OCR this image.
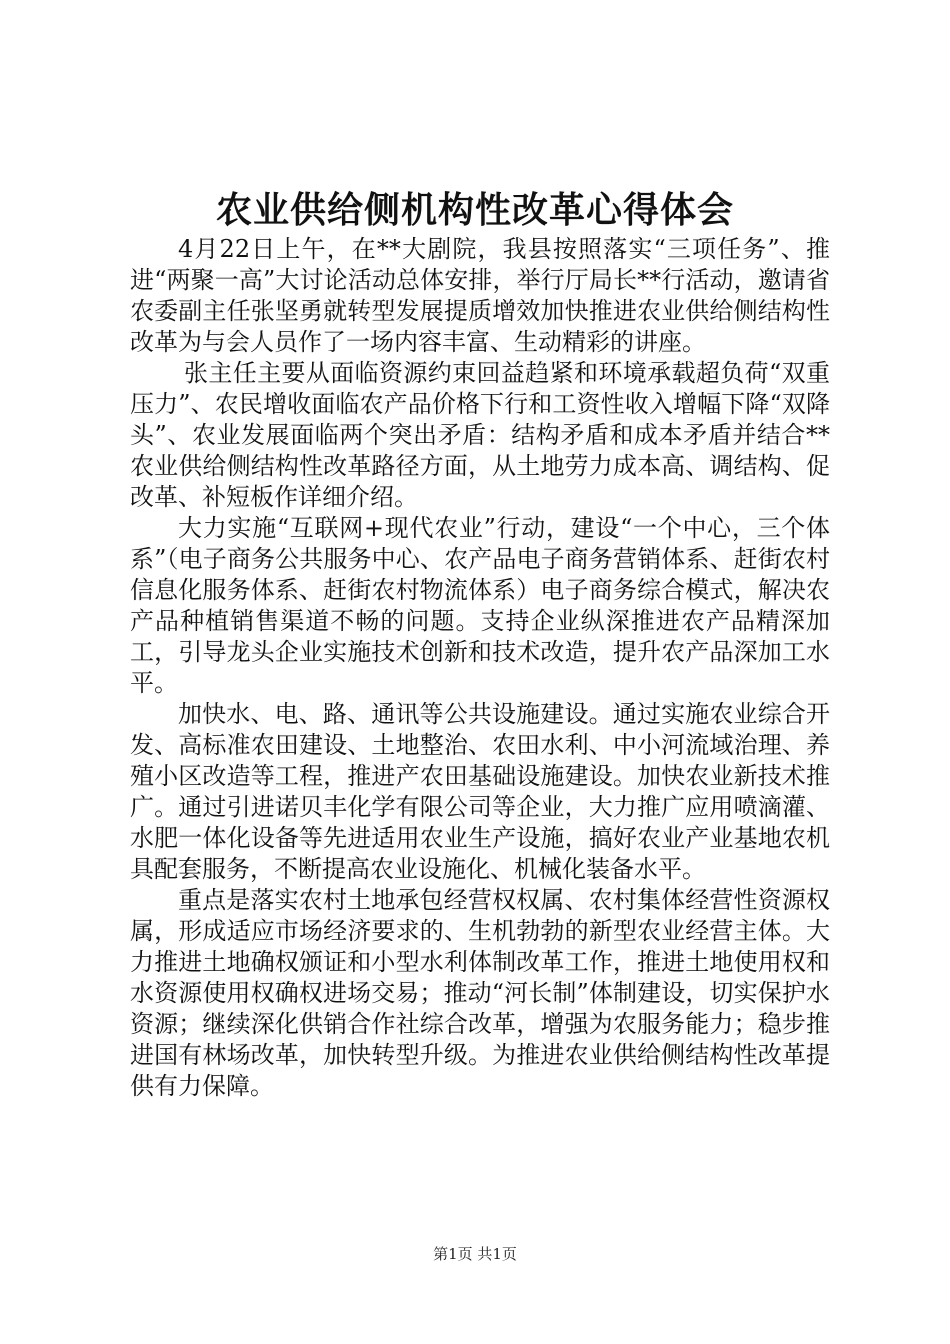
农业供给侧机构性改革心得体会

4月22日上午，在**大剧院，我县按照落实“三项任务”、推进“两聚一高”大讨论活动总体安排，举行厅局长**行活动，邀请省农委副主任张坚勇就转型发展提质增效加快推进农业供给侧结构性改革为与会人员作了一场内容丰富、生动精彩的讲座。

张主任主要从面临资源约束回益趋紧和环境承载超负荷“双重压力”、农民增收面临农产品价格下行和工资性收入增幅下降“双降头”、农业发展面临两个突出矛盾：结构矛盾和成本矛盾并结合**农业供给侧结构性改革路径方面，从土地劳力成本高、调结构、促改革、补短板作详细介绍。

大力实施“互联网+现代农业”行动，建设“一个中心，三个体系”（电子商务公共服务中心、农产品电子商务营销体系、赶街农村信息化服务体系、赶街农村物流体系）电子商务综合模式，解决农产品种植销售渠道不畅的问题。支持企业纵深推进农产品精深加工，引导龙头企业实施技术创新和技术改造，提升农产品深加工水平。

加快水、电、路、通讯等公共设施建设。通过实施农业综合开发、高标准农田建设、土地整治、农田水利、中小河流域治理、养殖小区改造等工程，推进产农田基础设施建设。加快农业新技术推广。通过引进诺贝丰化学有限公司等企业，大力推广应用喷滴灌、水肥一体化设备等先进适用农业生产设施，搞好农业产业基地农机具配套服务，不断提高农业设施化、机械化装备水平。

重点是落实农村土地承包经营权权属、农村集体经营性资源权属，形成适应市场经济要求的、生机勃勃的新型农业经营主体。大力推进土地确权颁证和小型水利体制改革工作，推进土地使用权和水资源使用权确权进场交易；推动“河长制”体制建设，切实保护水资源；继续深化供销合作社综合改革，增强为农服务能力；稳步推进国有林场改革，加快转型升级。为推进农业供给侧结构性改革提供有力保障。

第1页 共1页
